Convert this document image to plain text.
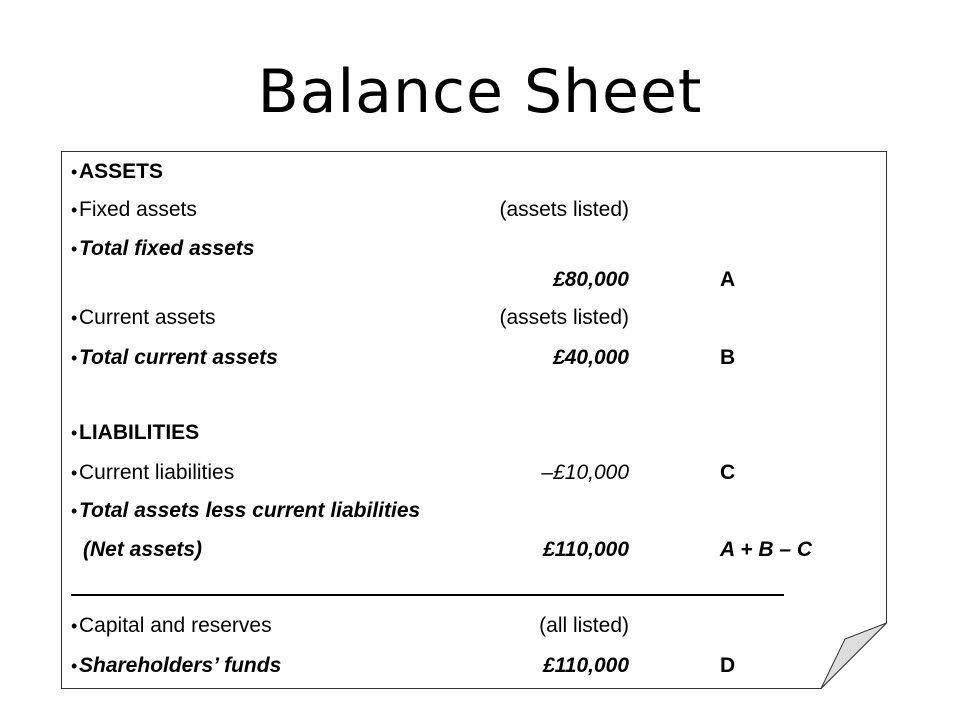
Balance Sheet
• ASSETS
• Fixed assets	(assets listed)
• Total fixed assets
£80,000	A
• Current assets	(assets listed)
• Total current assets	£40,000	B
• LIABILITIES
• Current liabilities	–£10,000	C
• Total assets less current liabilities
(Net assets)	£110,000	A + B – C
• Capital and reserves	(all listed)
• Shareholders’ funds	£110,000	D
